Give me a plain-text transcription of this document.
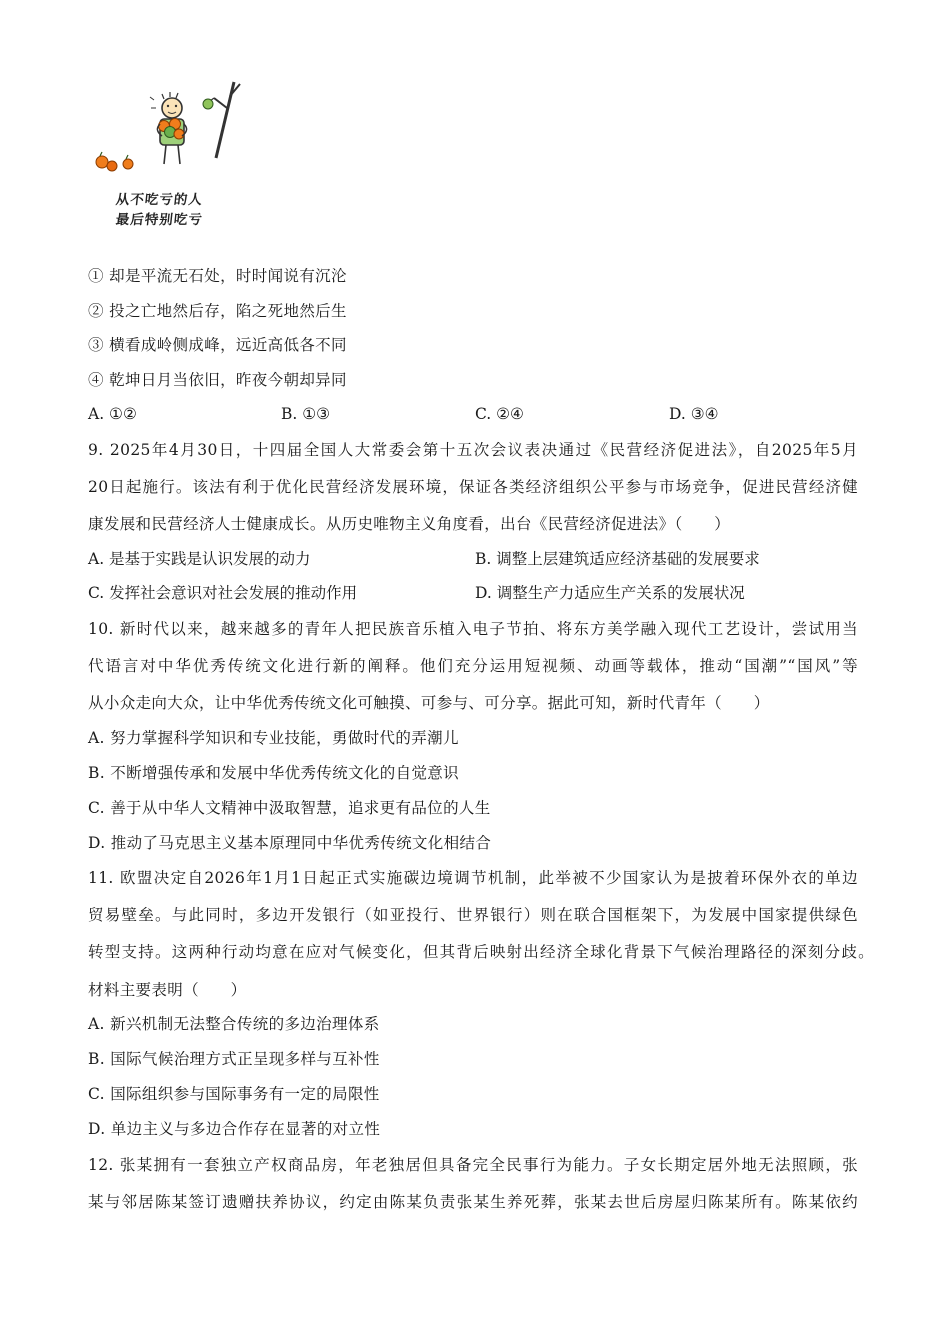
从不吃亏的人
最后特别吃亏
① 却是平流无石处，时时闻说有沉沦
② 投之亡地然后存，陷之死地然后生
③ 横看成岭侧成峰，远近高低各不同
④ 乾坤日月当依旧，昨夜今朝却异同
A. ①②	B. ①③	C. ②④	D. ③④
9. 2025年4月30日，十四届全国人大常委会第十五次会议表决通过《民营经济促进法》，自2025年5月
20日起施行。该法有利于优化民营经济发展环境，保证各类经济组织公平参与市场竞争，促进民营经济健
康发展和民营经济人士健康成长。从历史唯物主义角度看，出台《民营经济促进法》（　　）
A. 是基于实践是认识发展的动力	B. 调整上层建筑适应经济基础的发展要求
C. 发挥社会意识对社会发展的推动作用	D. 调整生产力适应生产关系的发展状况
10. 新时代以来，越来越多的青年人把民族音乐植入电子节拍、将东方美学融入现代工艺设计，尝试用当
代语言对中华优秀传统文化进行新的阐释。他们充分运用短视频、动画等载体，推动“国潮”“国风”等
从小众走向大众，让中华优秀传统文化可触摸、可参与、可分享。据此可知，新时代青年（　　）
A. 努力掌握科学知识和专业技能，勇做时代的弄潮儿
B. 不断增强传承和发展中华优秀传统文化的自觉意识
C. 善于从中华人文精神中汲取智慧，追求更有品位的人生
D. 推动了马克思主义基本原理同中华优秀传统文化相结合
11. 欧盟决定自2026年1月1日起正式实施碳边境调节机制，此举被不少国家认为是披着环保外衣的单边
贸易壁垒。与此同时，多边开发银行（如亚投行、世界银行）则在联合国框架下，为发展中国家提供绿色
转型支持。这两种行动均意在应对气候变化，但其背后映射出经济全球化背景下气候治理路径的深刻分歧。
材料主要表明（　　）
A. 新兴机制无法整合传统的多边治理体系
B. 国际气候治理方式正呈现多样与互补性
C. 国际组织参与国际事务有一定的局限性
D. 单边主义与多边合作存在显著的对立性
12. 张某拥有一套独立产权商品房，年老独居但具备完全民事行为能力。子女长期定居外地无法照顾，张
某与邻居陈某签订遗赠扶养协议，约定由陈某负责张某生养死葬，张某去世后房屋归陈某所有。陈某依约
